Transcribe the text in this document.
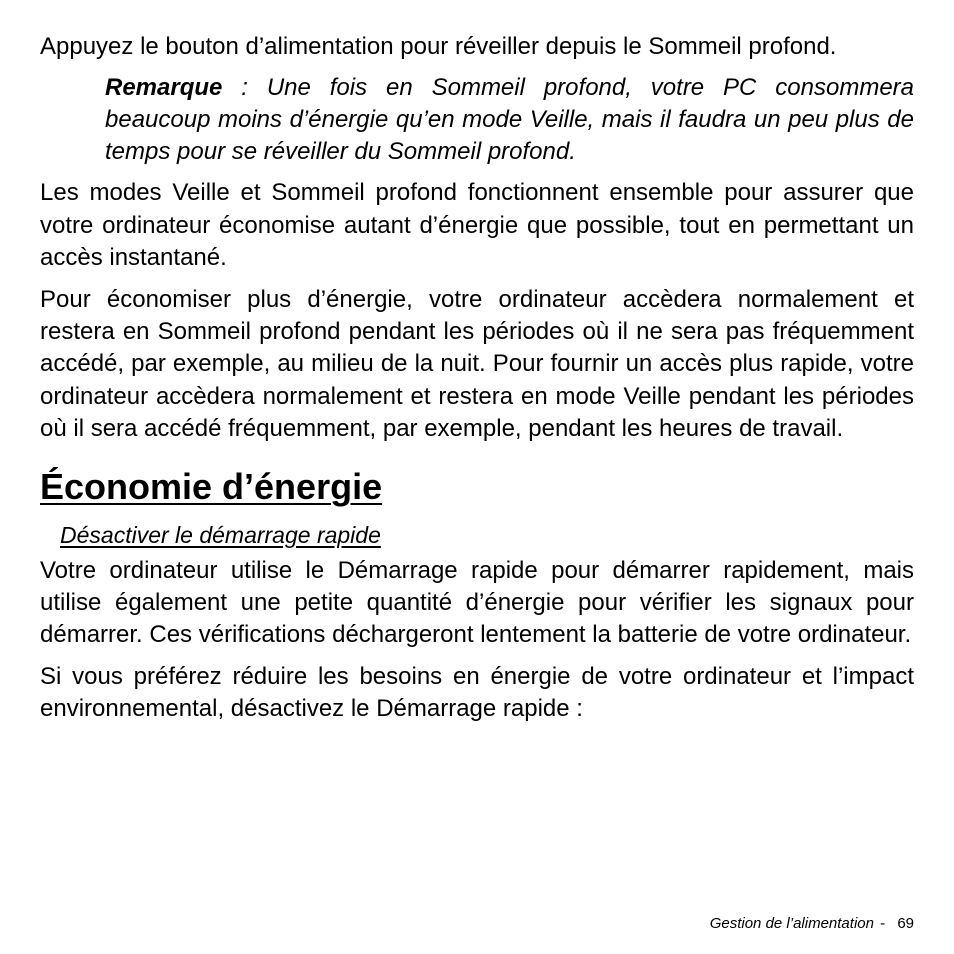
Appuyez le bouton d’alimentation pour réveiller depuis le Sommeil profond.

Remarque : Une fois en Sommeil profond, votre PC consommera beaucoup moins d’énergie qu’en mode Veille, mais il faudra un peu plus de temps pour se réveiller du Sommeil profond.

Les modes Veille et Sommeil profond fonctionnent ensemble pour assurer que votre ordinateur économise autant d’énergie que possible, tout en permettant un accès instantané.

Pour économiser plus d’énergie, votre ordinateur accèdera normalement et restera en Sommeil profond pendant les périodes où il ne sera pas fréquemment accédé, par exemple, au milieu de la nuit. Pour fournir un accès plus rapide, votre ordinateur accèdera normalement et restera en mode Veille pendant les périodes où il sera accédé fréquemment, par exemple, pendant les heures de travail.

Économie d’énergie
Désactiver le démarrage rapide

Votre ordinateur utilise le Démarrage rapide pour démarrer rapidement, mais utilise également une petite quantité d’énergie pour vérifier les signaux pour démarrer. Ces vérifications déchargeront lentement la batterie de votre ordinateur.

Si vous préférez réduire les besoins en énergie de votre ordinateur et l’impact environnemental, désactivez le Démarrage rapide :

Gestion de l’alimentation - 69
